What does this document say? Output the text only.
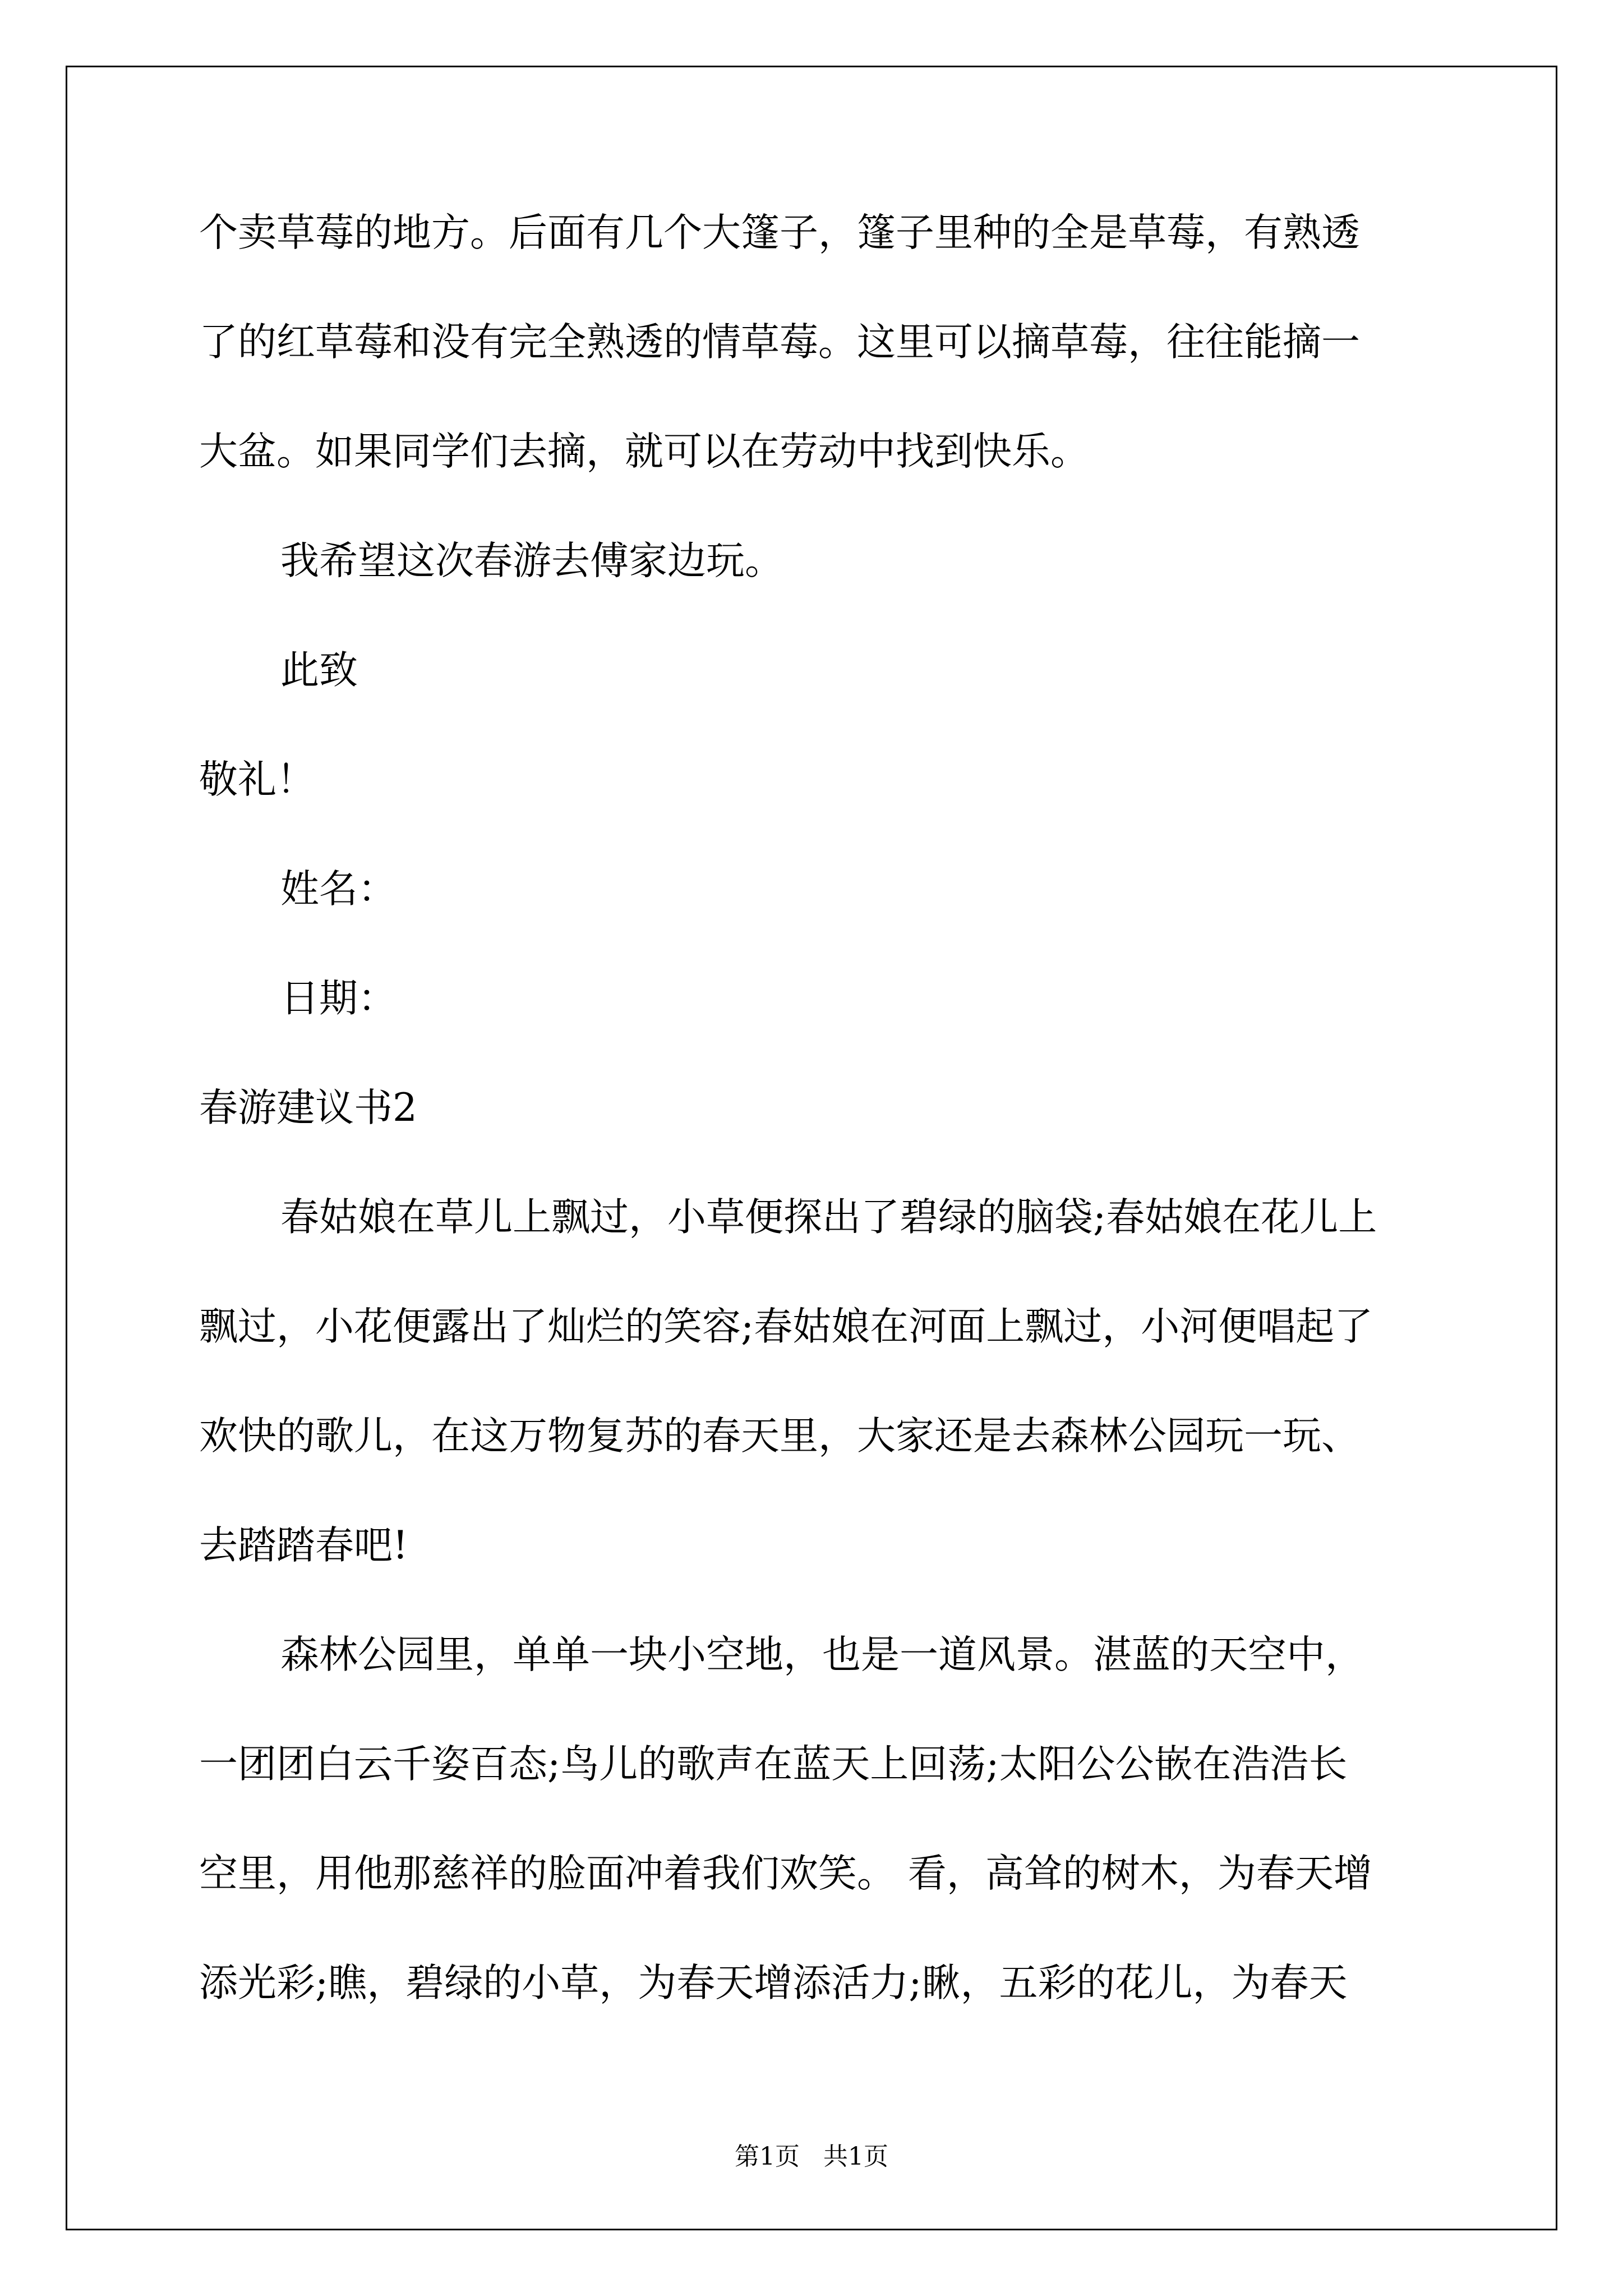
个卖草莓的地方。后面有几个大篷子，篷子里种的全是草莓，有熟透
了的红草莓和没有完全熟透的情草莓。这里可以摘草莓，往往能摘一
大盆。如果同学们去摘，就可以在劳动中找到快乐。
我希望这次春游去傅家边玩。
此致
敬礼！
姓名：
日期：
春游建议书2
春姑娘在草儿上飘过，小草便探出了碧绿的脑袋;春姑娘在花儿上
飘过，小花便露出了灿烂的笑容;春姑娘在河面上飘过，小河便唱起了
欢快的歌儿，在这万物复苏的春天里，大家还是去森林公园玩一玩、
去踏踏春吧!
森林公园里，单单一块小空地，也是一道风景。湛蓝的天空中，
一团团白云千姿百态;鸟儿的歌声在蓝天上回荡;太阳公公嵌在浩浩长
空里，用他那慈祥的脸面冲着我们欢笑。 看，高耸的树木，为春天增
添光彩;瞧，碧绿的小草，为春天增添活力;瞅，五彩的花儿，为春天
第1页   共1页
